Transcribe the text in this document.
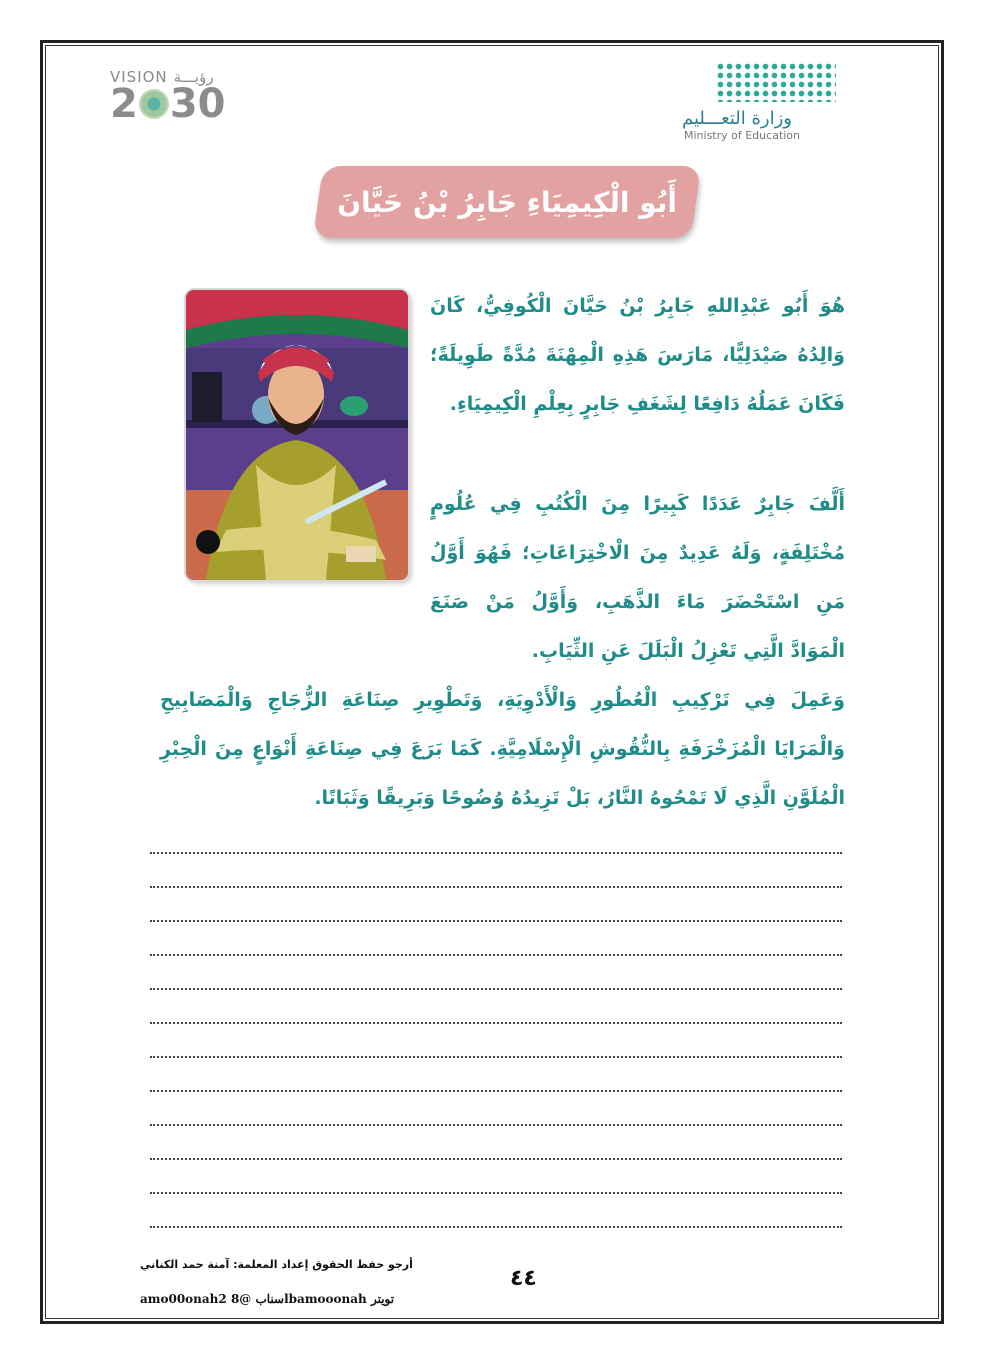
VISION رؤيـــة
2 30	وزارة التعـــليم
Ministry of Education
أَبُو الْكِيمِيَاءِ جَابِرُ بْنُ حَيَّانَ
هُوَ أَبُو عَبْدِاللهِ جَابِرُ بْنُ حَيَّانَ الْكُوفِيُّ، كَانَ وَالِدُهُ صَيْدَلِيًّا، مَارَسَ هَذِهِ الْمِهْنَةَ مُدَّةً طَوِيلَةً؛ فَكَانَ عَمَلُهُ دَافِعًا لِشَغَفِ جَابِرٍ بِعِلْمِ الْكِيمِيَاءِ.
أَلَّفَ جَابِرٌ عَدَدًا كَبِيرًا مِنَ الْكُتُبِ فِي عُلُومٍ مُخْتَلِفَةٍ، وَلَهُ عَدِيدٌ مِنَ الْاخْتِرَاعَاتِ؛ فَهُوَ أَوَّلُ مَنِ اسْتَحْضَرَ مَاءَ الذَّهَبِ، وَأَوَّلُ مَنْ صَنَعَ الْمَوَادَّ الَّتِي تَعْزِلُ الْبَلَلَ عَنِ الثِّيَابِ.
وَعَمِلَ فِي تَرْكِيبِ الْعُطُورِ وَالْأَدْوِيَةِ، وَتَطْوِيرِ صِنَاعَةِ الزُّجَاجِ وَالْمَصَابِيحِ وَالْمَرَايَا الْمُزَخْرَفَةِ بِالنُّقُوشِ الْإِسْلَامِيَّةِ. كَمَا بَرَعَ فِي صِنَاعَةِ أَنْوَاعٍ مِنَ الْحِبْرِ الْمُلَوَّنِ الَّذِي لَا تَمْحُوهُ النَّارُ، بَلْ تَزِيدُهُ وُضُوحًا وَبَرِيقًا وَثَبَاتًا.
أرجو حفظ الحقوق إعداد المعلمة: آمنة حمد الكناني
٤٤
amo00onah2 سناب @8lbamooonah تويتر
